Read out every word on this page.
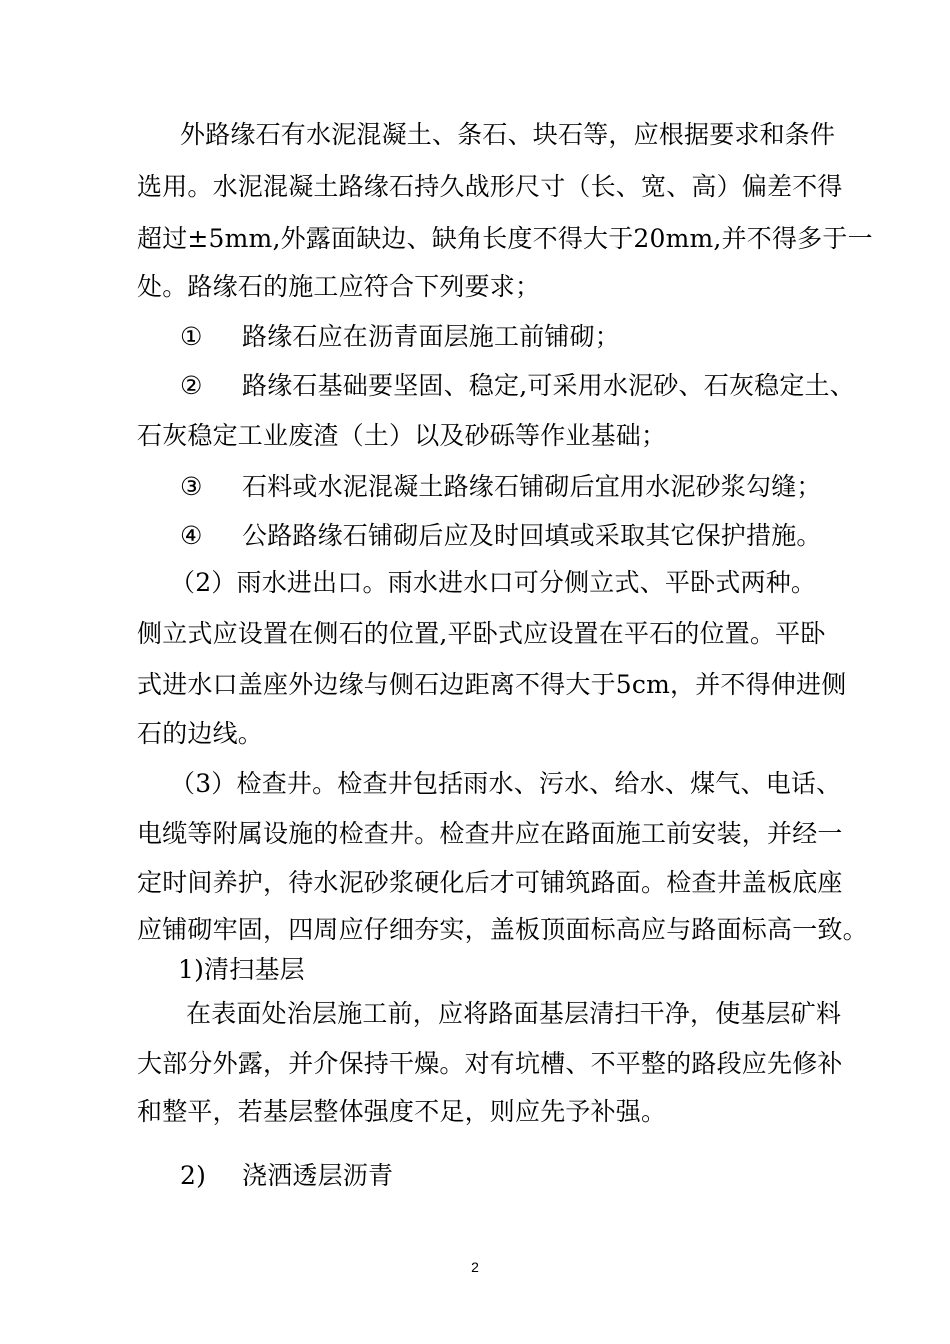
外路缘石有水泥混凝土、条石、块石等，应根据要求和条件
选用。水泥混凝土路缘石持久战形尺寸（长、宽、高）偏差不得
超过±5mm,外露面缺边、缺角长度不得大于20mm,并不得多于一
处。路缘石的施工应符合下列要求；
① 路缘石应在沥青面层施工前铺砌；
② 路缘石基础要坚固、稳定,可采用水泥砂、石灰稳定土、
石灰稳定工业废渣（土）以及砂砾等作业基础；
③ 石料或水泥混凝土路缘石铺砌后宜用水泥砂浆勾缝；
④ 公路路缘石铺砌后应及时回填或采取其它保护措施。
（2）雨水进出口。雨水进水口可分侧立式、平卧式两种。
侧立式应设置在侧石的位置,平卧式应设置在平石的位置。平卧
式进水口盖座外边缘与侧石边距离不得大于5cm，并不得伸进侧
石的边线。
（3）检查井。检查井包括雨水、污水、给水、煤气、电话、
电缆等附属设施的检查井。检查井应在路面施工前安装，并经一
定时间养护，待水泥砂浆硬化后才可铺筑路面。检查井盖板底座
应铺砌牢固，四周应仔细夯实，盖板顶面标高应与路面标高一致。
1)清扫基层
在表面处治层施工前，应将路面基层清扫干净，使基层矿料
大部分外露，并介保持干燥。对有坑槽、不平整的路段应先修补
和整平，若基层整体强度不足，则应先予补强。
2) 浇洒透层沥青
2
